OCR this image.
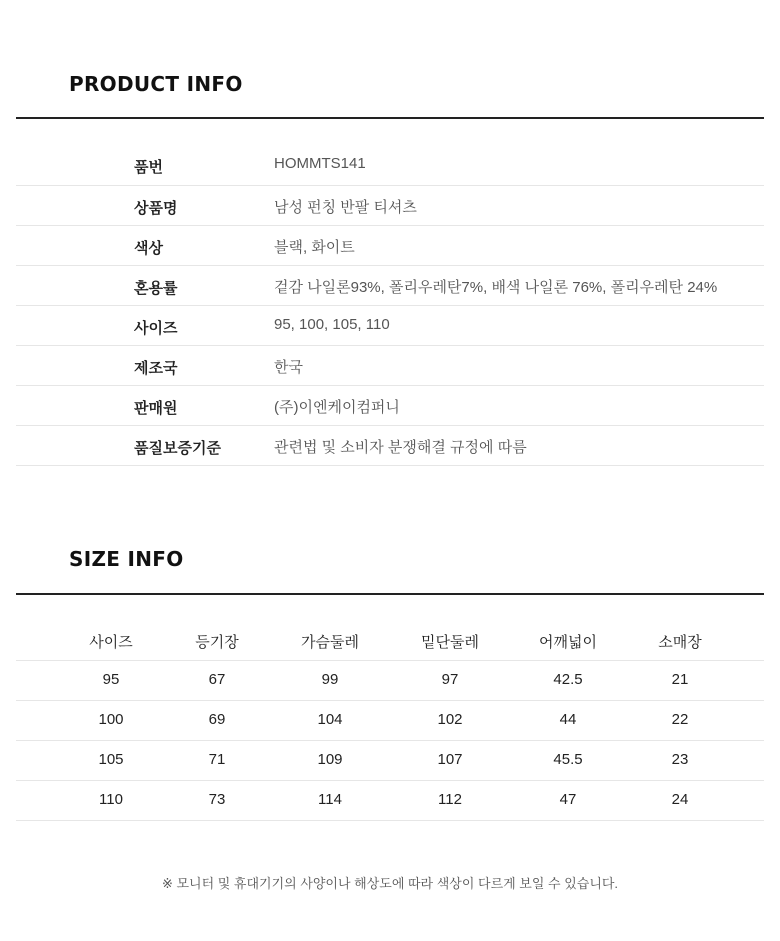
PRODUCT INFO
품번	HOMMTS141
상품명	남성 펀칭 반팔 티셔츠
색상	블랙, 화이트
혼용률	겉감 나일론93%, 폴리우레탄7%, 배색 나일론 76%, 폴리우레탄 24%
사이즈	95, 100, 105, 110
제조국	한국
판매원	(주)이엔케이컴퍼니
품질보증기준	관련법 및 소비자 분쟁해결 규정에 따름
SIZE INFO
사이즈	등기장	가슴둘레	밑단둘레	어깨넓이	소매장
95	67	99	97	42.5	21
100	69	104	102	44	22
105	71	109	107	45.5	23
110	73	114	112	47	24
※ 모니터 및 휴대기기의 사양이나 해상도에 따라 색상이 다르게 보일 수 있습니다.
